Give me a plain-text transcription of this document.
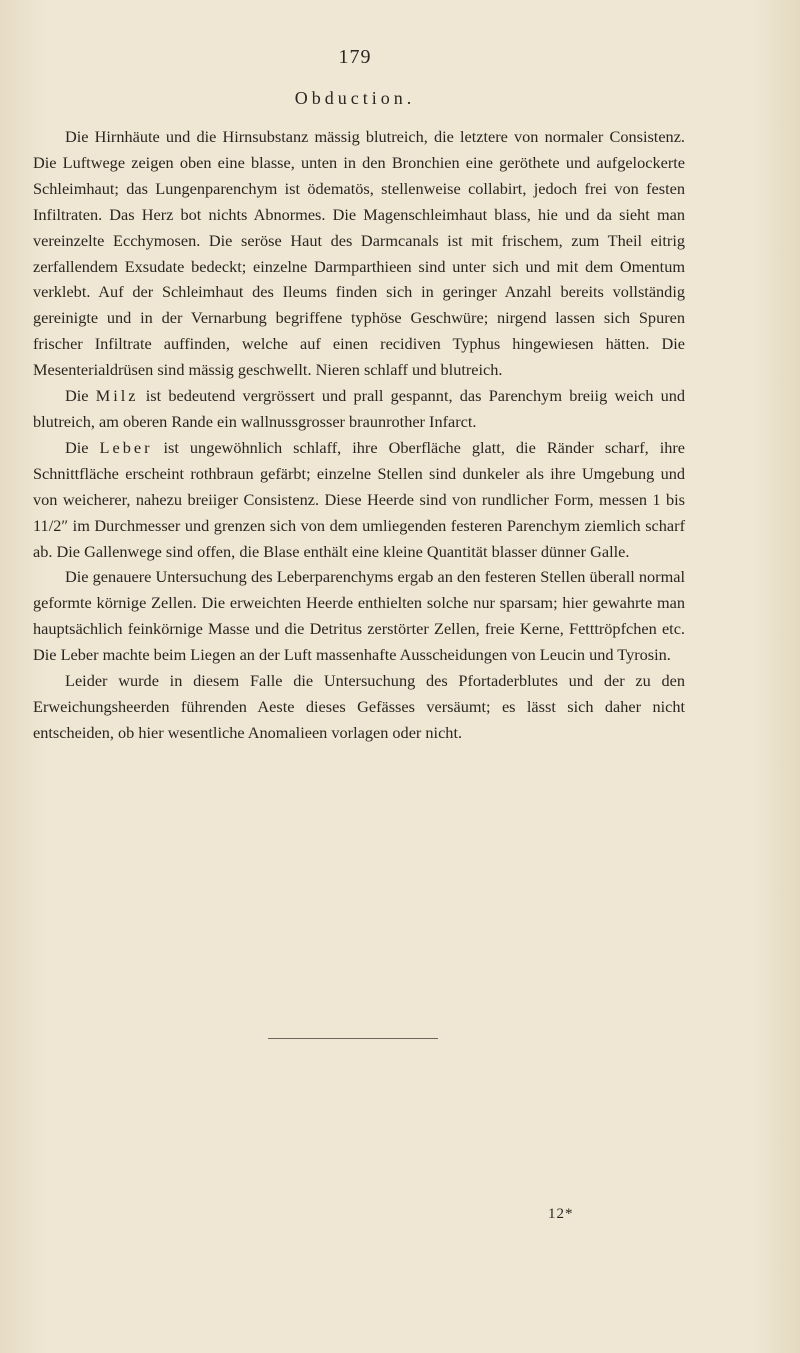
179
Obduction.

Die Hirnhäute und die Hirnsubstanz mässig blutreich, die letztere von normaler Consistenz. Die Luftwege zeigen oben eine blasse, unten in den Bronchien eine geröthete und aufgelockerte Schleimhaut; das Lungenparenchym ist ödematös, stellenweise collabirt, jedoch frei von festen Infiltraten. Das Herz bot nichts Abnormes. Die Magenschleimhaut blass, hie und da sieht man vereinzelte Ecchymosen. Die seröse Haut des Darmcanals ist mit frischem, zum Theil eitrig zerfallendem Exsudate bedeckt; einzelne Darmparthieen sind unter sich und mit dem Omentum verklebt. Auf der Schleimhaut des Ileums finden sich in geringer Anzahl bereits vollständig gereinigte und in der Vernarbung begriffene typhöse Geschwüre; nirgend lassen sich Spuren frischer Infiltrate auffinden, welche auf einen recidiven Typhus hingewiesen hätten. Die Mesenterialdrüsen sind mässig geschwellt. Nieren schlaff und blutreich.

Die Milz ist bedeutend vergrössert und prall gespannt, das Parenchym breiig weich und blutreich, am oberen Rande ein wallnussgrosser braunrother Infarct.

Die Leber ist ungewöhnlich schlaff, ihre Oberfläche glatt, die Ränder scharf, ihre Schnittfläche erscheint rothbraun gefärbt; einzelne Stellen sind dunkeler als ihre Umgebung und von weicherer, nahezu breiiger Consistenz. Diese Heerde sind von rundlicher Form, messen 1 bis 11/2″ im Durchmesser und grenzen sich von dem umliegenden festeren Parenchym ziemlich scharf ab. Die Gallenwege sind offen, die Blase enthält eine kleine Quantität blasser dünner Galle.

Die genauere Untersuchung des Leberparenchyms ergab an den festeren Stellen überall normal geformte körnige Zellen. Die erweichten Heerde enthielten solche nur sparsam; hier gewahrte man hauptsächlich feinkörnige Masse und die Detritus zerstörter Zellen, freie Kerne, Fetttröpfchen etc. Die Leber machte beim Liegen an der Luft massenhafte Ausscheidungen von Leucin und Tyrosin.

Leider wurde in diesem Falle die Untersuchung des Pfortaderblutes und der zu den Erweichungsheerden führenden Aeste dieses Gefässes versäumt; es lässt sich daher nicht entscheiden, ob hier wesentliche Anomalieen vorlagen oder nicht.

12*
